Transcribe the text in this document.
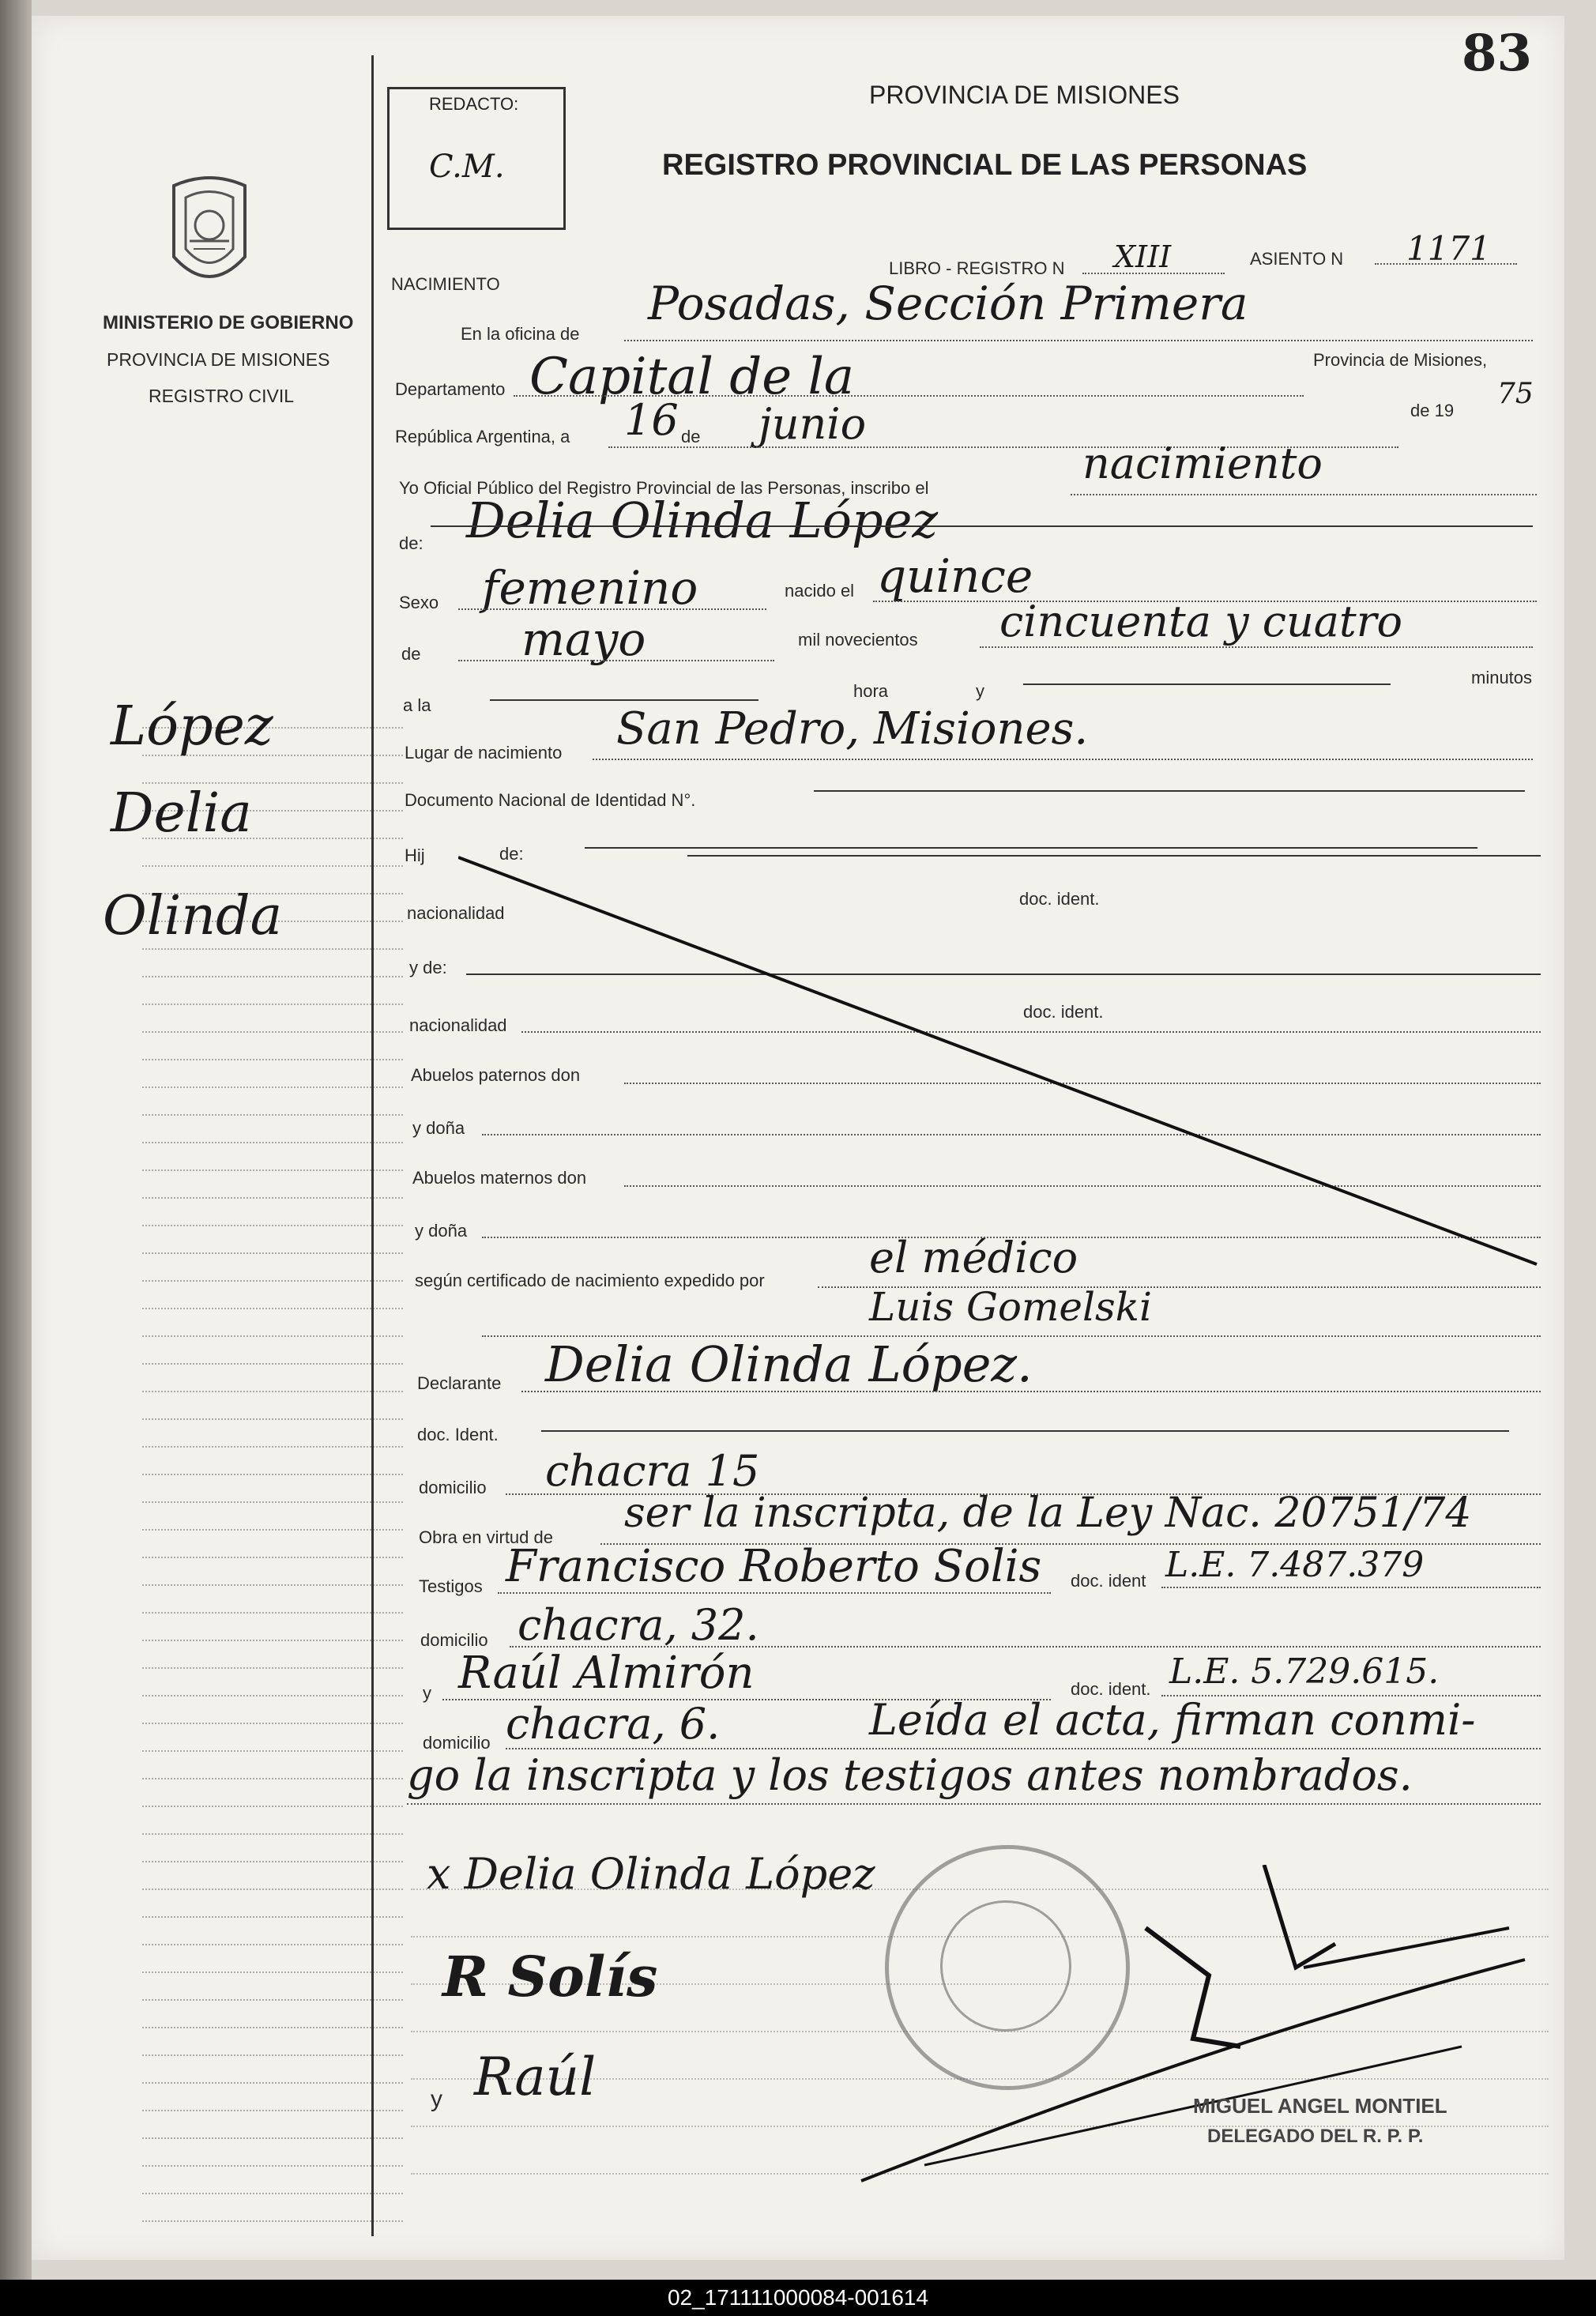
83
MINISTERIO DE GOBIERNO
PROVINCIA DE MISIONES
REGISTRO CIVIL
López
Delia
Olinda
REDACTO:
C.M.
PROVINCIA DE MISIONES
REGISTRO PROVINCIAL DE LAS PERSONAS
NACIMIENTO
LIBRO - REGISTRO N XIII	ASIENTO N 1171
En la oficina de
Posadas, Sección Primera
Departamento Capital de la	Provincia de Misiones,
República Argentina, a 16 de junio	de 19
75
Yo Oficial Público del Registro Provincial de las Personas, inscribo el	nacimiento
de: Delia Olinda López
Sexo femenino	nacido el quince
de mayo	mil novecientos cincuenta y cuatro
a la
hora	y
minutos
Lugar de nacimiento San Pedro, Misiones.
Documento Nacional de Identidad N°.
Hij	de:
nacionalidad
doc. ident.
y de:
nacionalidad
doc. ident.
Abuelos paternos don
y doña
Abuelos maternos don
y doña
según certificado de nacimiento expedido por el médico
Luis Gomelski
Declarante Delia Olinda López.
doc. Ident.
domicilio chacra 15
Obra en virtud de
ser la inscripta, de la Ley Nac. 20751/74
Testigos Francisco Roberto Solis doc. ident L.E. 7.487.379
domicilio chacra, 32.
y Raúl Almirón	doc. ident. L.E. 5.729.615.
domicilio chacra, 6.	Leída el acta, firman conmi-
go la inscripta y los testigos antes nombrados.
x Delia Olinda López
R Solís
Raúl
y	MIGUEL ANGEL MONTIEL
DELEGADO DEL R. P. P.
02_171111000084-001614
